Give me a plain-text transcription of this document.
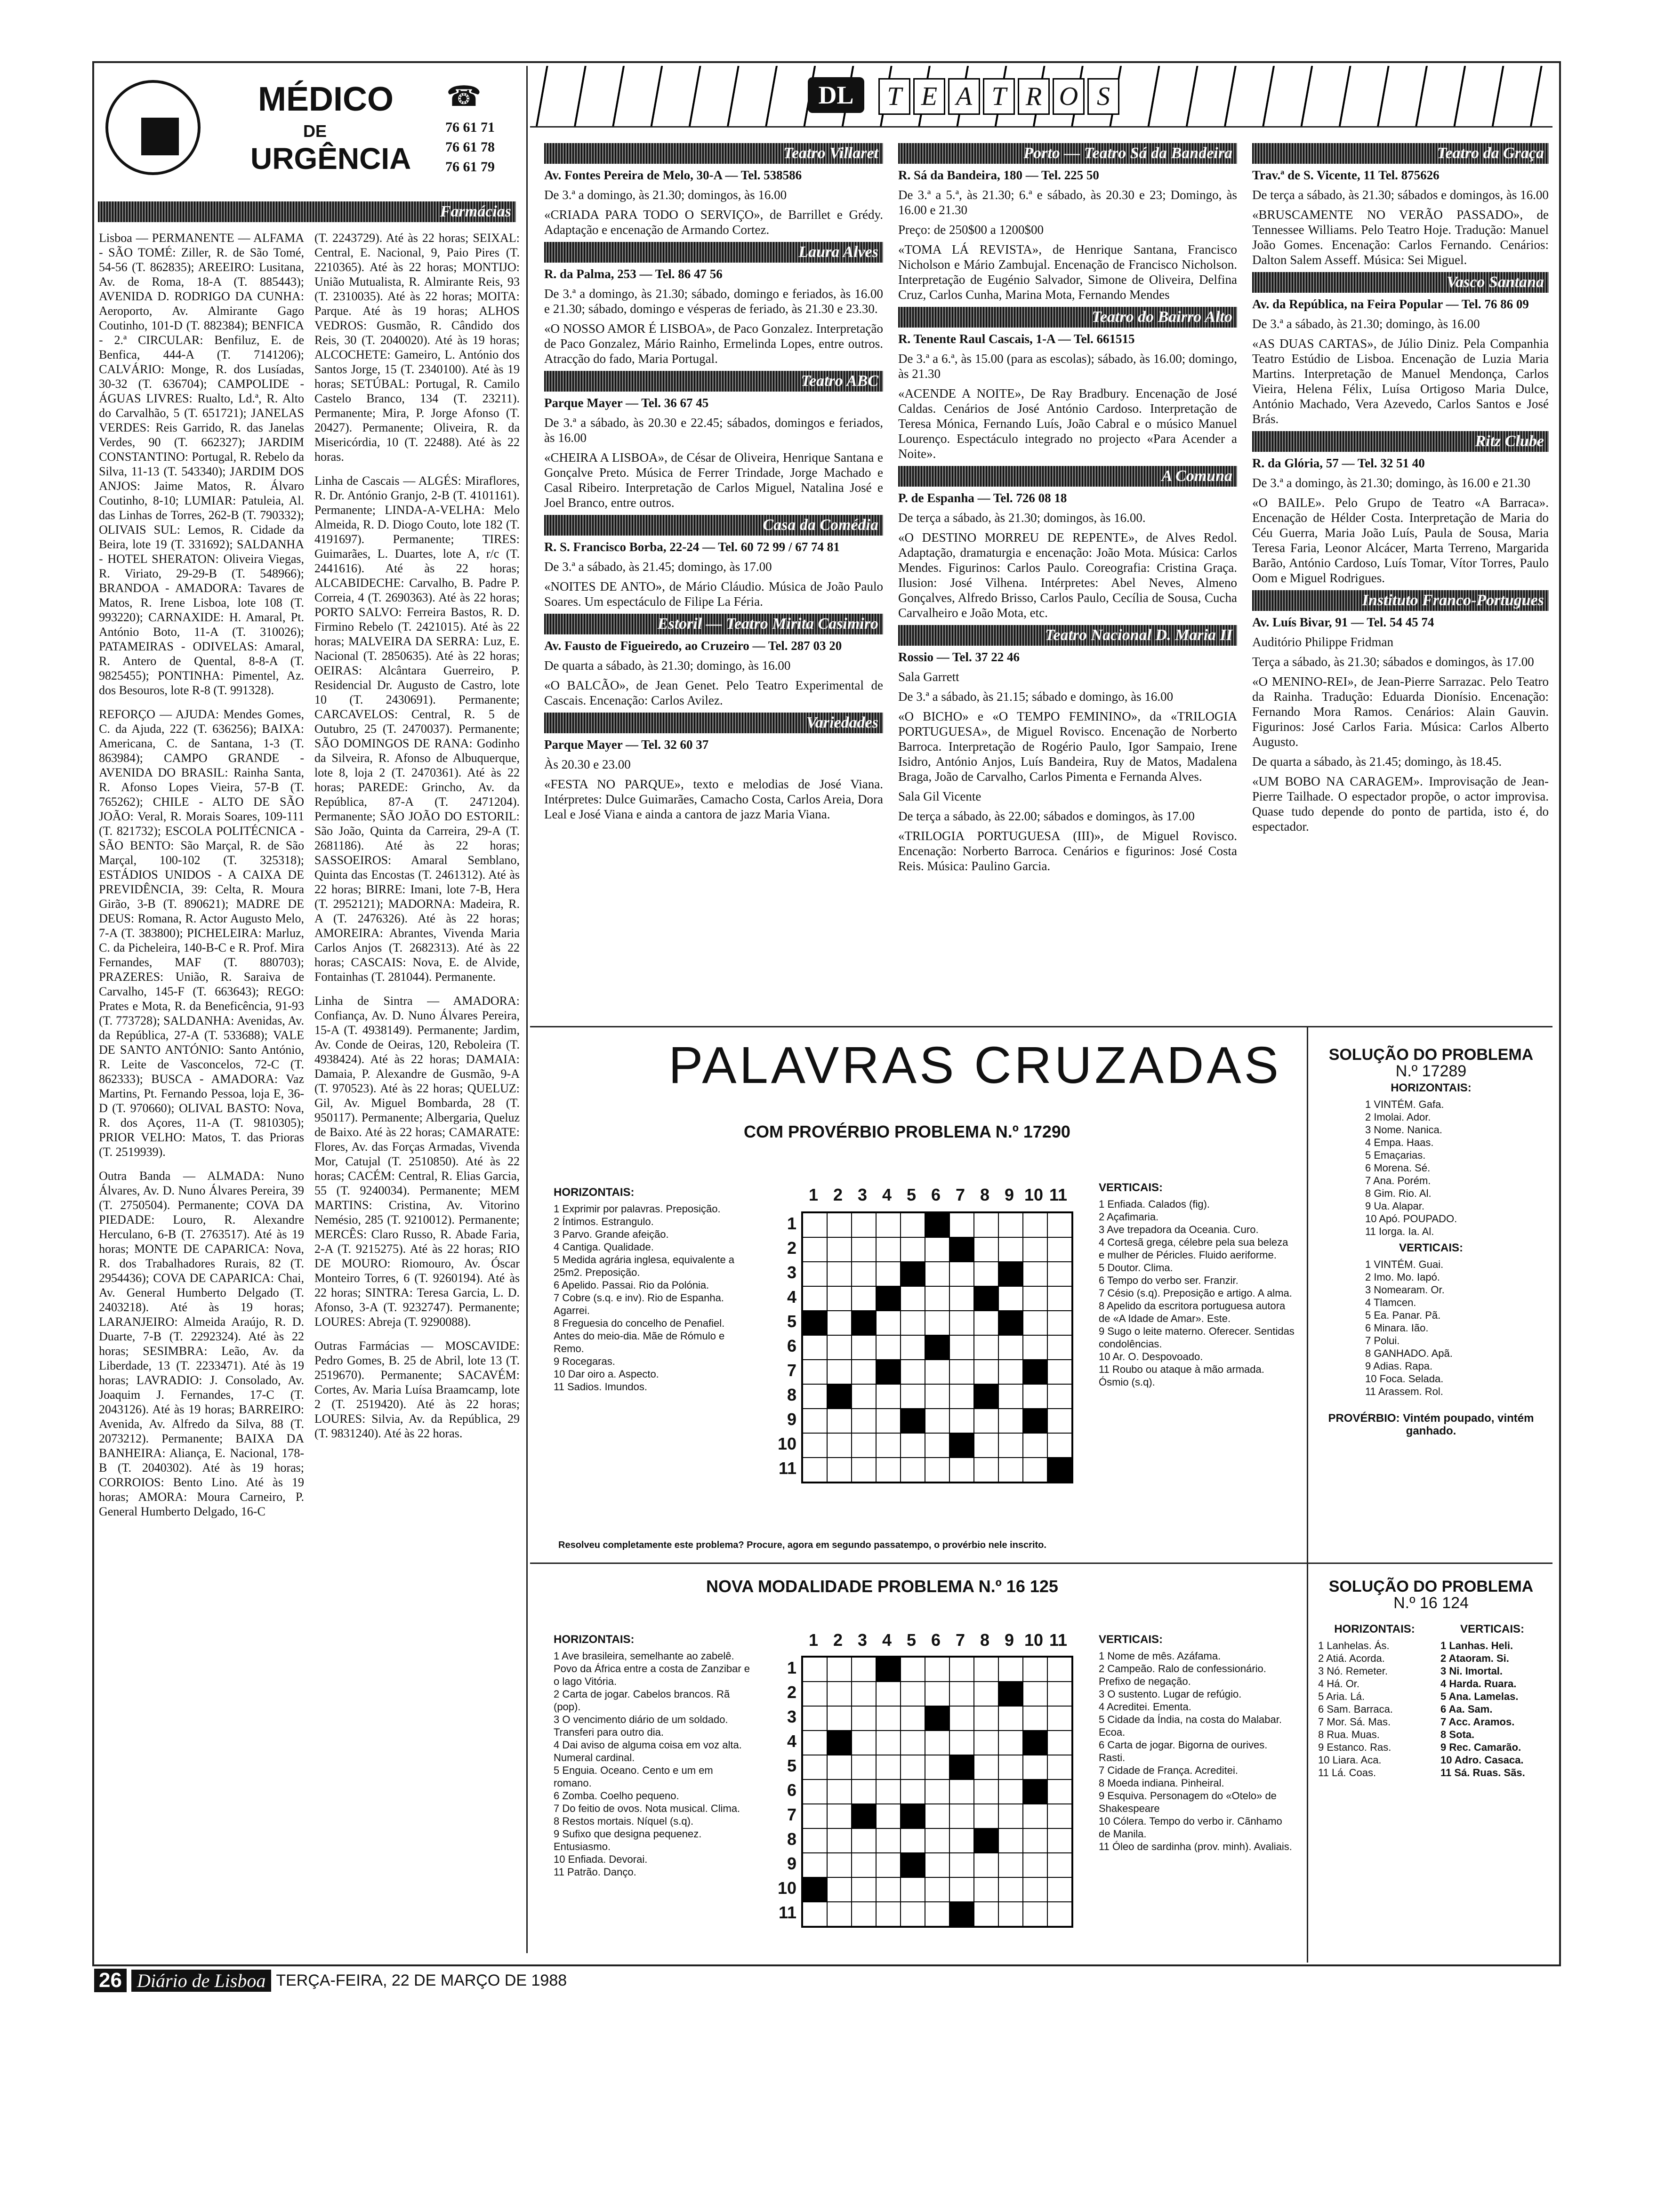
MÉDICO
DE
URGÊNCIA
☎
76 61 71
76 61 78
76 61 79
Farmácias

Lisboa — PERMANENTE — ALFAMA - SÃO TOMÉ: Ziller, R. de São Tomé, 54-56 (T. 862835); AREEIRO: Lusitana, Av. de Roma, 18-A (T. 885443); AVENIDA D. RODRIGO DA CUNHA: Aeroporto, Av. Almirante Gago Coutinho, 101-D (T. 882384); BENFICA - 2.ª CIRCULAR: Benfiluz, E. de Benfica, 444-A (T. 7141206); CALVÁRIO: Monge, R. dos Lusíadas, 30-32 (T. 636704); CAMPOLIDE - ÁGUAS LIVRES: Rualto, Ld.ª, R. Alto do Carvalhão, 5 (T. 651721); JANELAS VERDES: Reis Garrido, R. das Janelas Verdes, 90 (T. 662327); JARDIM CONSTANTINO: Portugal, R. Rebelo da Silva, 11-13 (T. 543340); JARDIM DOS ANJOS: Jaime Matos, R. Álvaro Coutinho, 8-10; LUMIAR: Patuleia, Al. das Linhas de Torres, 262-B (T. 790332); OLIVAIS SUL: Lemos, R. Cidade da Beira, lote 19 (T. 331692); SALDANHA - HOTEL SHERATON: Oliveira Viegas, R. Viriato, 29-29-B (T. 548966); BRANDOA - AMADORA: Tavares de Matos, R. Irene Lisboa, lote 108 (T. 993220); CARNAXIDE: H. Amaral, Pt. António Boto, 11-A (T. 310026); PATAMEIRAS - ODIVELAS: Amaral, R. Antero de Quental, 8-8-A (T. 9825455); PONTINHA: Pimentel, Az. dos Besouros, lote R-8 (T. 991328).

REFORÇO — AJUDA: Mendes Gomes, C. da Ajuda, 222 (T. 636256); BAIXA: Americana, C. de Santana, 1-3 (T. 863984); CAMPO GRANDE - AVENIDA DO BRASIL: Rainha Santa, R. Afonso Lopes Vieira, 57-B (T. 765262); CHILE - ALTO DE SÃO JOÃO: Veral, R. Morais Soares, 109-111 (T. 821732); ESCOLA POLITÉCNICA - SÃO BENTO: São Marçal, R. de São Marçal, 100-102 (T. 325318); ESTÁDIOS UNIDOS - A CAIXA DE PREVIDÊNCIA, 39: Celta, R. Moura Girão, 3-B (T. 890621); MADRE DE DEUS: Romana, R. Actor Augusto Melo, 7-A (T. 383800); PICHELEIRA: Marluz, C. da Picheleira, 140-B-C e R. Prof. Mira Fernandes, MAF (T. 880703); PRAZERES: União, R. Saraiva de Carvalho, 145-F (T. 663643); REGO: Prates e Mota, R. da Beneficência, 91-93 (T. 773728); SALDANHA: Avenidas, Av. da República, 27-A (T. 533688); VALE DE SANTO ANTÓNIO: Santo António, R. Leite de Vasconcelos, 72-C (T. 862333); BUSCA - AMADORA: Vaz Martins, Pt. Fernando Pessoa, loja E, 36-D (T. 970660); OLIVAL BASTO: Nova, R. dos Açores, 11-A (T. 9810305); PRIOR VELHO: Matos, T. das Prioras (T. 2519939).

Outra Banda — ALMADA: Nuno Álvares, Av. D. Nuno Álvares Pereira, 39 (T. 2750504). Permanente; COVA DA PIEDADE: Louro, R. Alexandre Herculano, 6-B (T. 2763517). Até às 19 horas; MONTE DE CAPARICA: Nova, R. dos Trabalhadores Rurais, 82 (T. 2954436); COVA DE CAPARICA: Chai, Av. General Humberto Delgado (T. 2403218). Até às 19 horas; LARANJEIRO: Almeida Araújo, R. D. Duarte, 7-B (T. 2292324). Até às 22 horas; SESIMBRA: Leão, Av. da Liberdade, 13 (T. 2233471). Até às 19 horas; LAVRADIO: J. Consolado, Av. Joaquim J. Fernandes, 17-C (T. 2043126). Até às 19 horas; BARREIRO: Avenida, Av. Alfredo da Silva, 88 (T. 2073212). Permanente; BAIXA DA BANHEIRA: Aliança, E. Nacional, 178-B (T. 2040302). Até às 19 horas; CORROIOS: Bento Lino. Até às 19 horas; AMORA: Moura Carneiro, P. General Humberto Delgado, 16-C

(T. 2243729). Até às 22 horas; SEIXAL: Central, E. Nacional, 9, Paio Pires (T. 2210365). Até às 22 horas; MONTIJO: União Mutualista, R. Almirante Reis, 93 (T. 2310035). Até às 22 horas; MOITA: Parque. Até às 19 horas; ALHOS VEDROS: Gusmão, R. Cândido dos Reis, 30 (T. 2040020). Até às 19 horas; ALCOCHETE: Gameiro, L. António dos Santos Jorge, 15 (T. 2340100). Até às 19 horas; SETÚBAL: Portugal, R. Camilo Castelo Branco, 134 (T. 23211). Permanente; Mira, P. Jorge Afonso (T. 20427). Permanente; Oliveira, R. da Misericórdia, 10 (T. 22488). Até às 22 horas.

Linha de Cascais — ALGÉS: Miraflores, R. Dr. António Granjo, 2-B (T. 4101161). Permanente; LINDA-A-VELHA: Melo Almeida, R. D. Diogo Couto, lote 182 (T. 4191697). Permanente; TIRES: Guimarães, L. Duartes, lote A, r/c (T. 2441616). Até às 22 horas; ALCABIDECHE: Carvalho, B. Padre P. Correia, 4 (T. 2690363). Até às 22 horas; PORTO SALVO: Ferreira Bastos, R. D. Firmino Rebelo (T. 2421015). Até às 22 horas; MALVEIRA DA SERRA: Luz, E. Nacional (T. 2850635). Até às 22 horas; OEIRAS: Alcântara Guerreiro, P. Residencial Dr. Augusto de Castro, lote 10 (T. 2430691). Permanente; CARCAVELOS: Central, R. 5 de Outubro, 25 (T. 2470037). Permanente; SÃO DOMINGOS DE RANA: Godinho da Silveira, R. Afonso de Albuquerque, lote 8, loja 2 (T. 2470361). Até às 22 horas; PAREDE: Grincho, Av. da República, 87-A (T. 2471204). Permanente; SÃO JOÃO DO ESTORIL: São João, Quinta da Carreira, 29-A (T. 2681186). Até às 22 horas; SASSOEIROS: Amaral Semblano, Quinta das Encostas (T. 2461312). Até às 22 horas; BIRRE: Imani, lote 7-B, Hera (T. 2952121); MADORNA: Madeira, R. A (T. 2476326). Até às 22 horas; AMOREIRA: Abrantes, Vivenda Maria Carlos Anjos (T. 2682313). Até às 22 horas; CASCAIS: Nova, E. de Alvide, Fontainhas (T. 281044). Permanente.

Linha de Sintra — AMADORA: Confiança, Av. D. Nuno Álvares Pereira, 15-A (T. 4938149). Permanente; Jardim, Av. Conde de Oeiras, 120, Reboleira (T. 4938424). Até às 22 horas; DAMAIA: Damaia, P. Alexandre de Gusmão, 9-A (T. 970523). Até às 22 horas; QUELUZ: Gil, Av. Miguel Bombarda, 28 (T. 950117). Permanente; Albergaria, Queluz de Baixo. Até às 22 horas; CAMARATE: Flores, Av. das Forças Armadas, Vivenda Mor, Catujal (T. 2510850). Até às 22 horas; CACÉM: Central, R. Elias Garcia, 55 (T. 9240034). Permanente; MEM MARTINS: Cristina, Av. Vitorino Nemésio, 285 (T. 9210012). Permanente; MERCÊS: Claro Russo, R. Abade Faria, 2-A (T. 9215275). Até às 22 horas; RIO DE MOURO: Riomouro, Av. Óscar Monteiro Torres, 6 (T. 9260194). Até às 22 horas; SINTRA: Teresa Garcia, L. D. Afonso, 3-A (T. 9232747). Permanente; LOURES: Abreja (T. 9290088).

Outras Farmácias — MOSCAVIDE: Pedro Gomes, B. 25 de Abril, lote 13 (T. 2519670). Permanente; SACAVÉM: Cortes, Av. Maria Luísa Braamcamp, lote 2 (T. 2519420). Até às 22 horas; LOURES: Silvia, Av. da República, 29 (T. 9831240). Até às 22 horas.

DL	T E A T R O S
Teatro Villaret

Av. Fontes Pereira de Melo, 30-A — Tel. 538586

De 3.ª a domingo, às 21.30; domingos, às 16.00

«CRIADA PARA TODO O SERVIÇO», de Barrillet e Grédy. Adaptação e encenação de Armando Cortez.

Laura Alves

R. da Palma, 253 — Tel. 86 47 56

De 3.ª a domingo, às 21.30; sábado, domingo e feriados, às 16.00 e 21.30; sábado, domingo e vésperas de feriado, às 21.30 e 23.30.

«O NOSSO AMOR É LISBOA», de Paco Gonzalez. Interpretação de Paco Gonzalez, Mário Rainho, Ermelinda Lopes, entre outros. Atracção do fado, Maria Portugal.

Teatro ABC

Parque Mayer — Tel. 36 67 45

De 3.ª a sábado, às 20.30 e 22.45; sábados, domingos e feriados, às 16.00

«CHEIRA A LISBOA», de César de Oliveira, Henrique Santana e Gonçalve Preto. Música de Ferrer Trindade, Jorge Machado e Casal Ribeiro. Interpretação de Carlos Miguel, Natalina José e Joel Branco, entre outros.

Casa da Comédia

R. S. Francisco Borba, 22-24 — Tel. 60 72 99 / 67 74 81

De 3.ª a sábado, às 21.45; domingo, às 17.00

«NOITES DE ANTO», de Mário Cláudio. Música de João Paulo Soares. Um espectáculo de Filipe La Féria.

Estoril — Teatro Mirita Casimiro

Av. Fausto de Figueiredo, ao Cruzeiro — Tel. 287 03 20

De quarta a sábado, às 21.30; domingo, às 16.00

«O BALCÃO», de Jean Genet. Pelo Teatro Experimental de Cascais. Encenação: Carlos Avilez.

Variedades

Parque Mayer — Tel. 32 60 37

Às 20.30 e 23.00

«FESTA NO PARQUE», texto e melodias de José Viana. Intérpretes: Dulce Guimarães, Camacho Costa, Carlos Areia, Dora Leal e José Viana e ainda a cantora de jazz Maria Viana.

Porto — Teatro Sá da Bandeira

R. Sá da Bandeira, 180 — Tel. 225 50

De 3.ª a 5.ª, às 21.30; 6.ª e sábado, às 20.30 e 23; Domingo, às 16.00 e 21.30

Preço: de 250$00 a 1200$00

«TOMA LÁ REVISTA», de Henrique Santana, Francisco Nicholson e Mário Zambujal. Encenação de Francisco Nicholson. Interpretação de Eugénio Salvador, Simone de Oliveira, Delfina Cruz, Carlos Cunha, Marina Mota, Fernando Mendes

Teatro do Bairro Alto

R. Tenente Raul Cascais, 1-A — Tel. 661515

De 3.ª a 6.ª, às 15.00 (para as escolas); sábado, às 16.00; domingo, às 21.30

«ACENDE A NOITE», De Ray Bradbury. Encenação de José Caldas. Cenários de José António Cardoso. Interpretação de Teresa Mónica, Fernando Luís, João Cabral e o músico Manuel Lourenço. Espectáculo integrado no projecto «Para Acender a Noite».

A Comuna

P. de Espanha — Tel. 726 08 18

De terça a sábado, às 21.30; domingos, às 16.00.

«O DESTINO MORREU DE REPENTE», de Alves Redol. Adaptação, dramaturgia e encenação: João Mota. Música: Carlos Mendes. Figurinos: Carlos Paulo. Coreografia: Cristina Graça. Ilusion: José Vilhena. Intérpretes: Abel Neves, Almeno Gonçalves, Alfredo Brisso, Carlos Paulo, Cecília de Sousa, Cucha Carvalheiro e João Mota, etc.

Teatro Nacional D. Maria II

Rossio — Tel. 37 22 46

Sala Garrett

De 3.ª a sábado, às 21.15; sábado e domingo, às 16.00

«O BICHO» e «O TEMPO FEMININO», da «TRILOGIA PORTUGUESA», de Miguel Rovisco. Encenação de Norberto Barroca. Interpretação de Rogério Paulo, Igor Sampaio, Irene Isidro, António Anjos, Luís Bandeira, Ruy de Matos, Madalena Braga, João de Carvalho, Carlos Pimenta e Fernanda Alves.

Sala Gil Vicente

De terça a sábado, às 22.00; sábados e domingos, às 17.00

«TRILOGIA PORTUGUESA (III)», de Miguel Rovisco. Encenação: Norberto Barroca. Cenários e figurinos: José Costa Reis. Música: Paulino Garcia.

Teatro da Graça

Trav.ª de S. Vicente, 11 Tel. 875626

De terça a sábado, às 21.30; sábados e domingos, às 16.00

«BRUSCAMENTE NO VERÃO PASSADO», de Tennessee Williams. Pelo Teatro Hoje. Tradução: Manuel João Gomes. Encenação: Carlos Fernando. Cenários: Dalton Salem Asseff. Música: Sei Miguel.

Vasco Santana

Av. da República, na Feira Popular — Tel. 76 86 09

De 3.ª a sábado, às 21.30; domingo, às 16.00

«AS DUAS CARTAS», de Júlio Diniz. Pela Companhia Teatro Estúdio de Lisboa. Encenação de Luzia Maria Martins. Interpretação de Manuel Mendonça, Carlos Vieira, Helena Félix, Luísa Ortigoso Maria Dulce, António Machado, Vera Azevedo, Carlos Santos e José Brás.

Ritz Clube

R. da Glória, 57 — Tel. 32 51 40

De 3.ª a domingo, às 21.30; domingo, às 16.00 e 21.30

«O BAILE». Pelo Grupo de Teatro «A Barraca». Encenação de Hélder Costa. Interpretação de Maria do Céu Guerra, Maria João Luís, Paula de Sousa, Maria Teresa Faria, Leonor Alcácer, Marta Terreno, Margarida Barão, António Cardoso, Luís Tomar, Vítor Torres, Paulo Oom e Miguel Rodrigues.

Instituto Franco-Portugues

Av. Luís Bivar, 91 — Tel. 54 45 74

Auditório Philippe Fridman

Terça a sábado, às 21.30; sábados e domingos, às 17.00

«O MENINO-REI», de Jean-Pierre Sarrazac. Pelo Teatro da Rainha. Tradução: Eduarda Dionísio. Encenação: Fernando Mora Ramos. Cenários: Alain Gauvin. Figurinos: José Carlos Faria. Música: Carlos Alberto Augusto.

De quarta a sábado, às 21.45; domingo, às 18.45.

«UM BOBO NA CARAGEM». Improvisação de Jean-Pierre Tailhade. O espectador propõe, o actor improvisa. Quase tudo depende do ponto de partida, isto é, do espectador.

PALAVRAS CRUZADAS
COM PROVÉRBIO PROBLEMA N.º 17290
HORIZONTAIS:
1 Exprimir por palavras. Preposição.
2 Íntimos. Estrangulo.
3 Parvo. Grande afeição.
4 Cantiga. Qualidade.
5 Medida agrária inglesa, equivalente a 25m2. Preposição.
6 Apelido. Passai. Rio da Polónia.
7 Cobre (s.q. e inv). Rio de Espanha. Agarrei.
8 Freguesia do concelho de Penafiel. Antes do meio-dia. Mãe de Rómulo e Remo.
9 Rocegaras.
10 Dar oiro a. Aspecto.
11 Sadios. Imundos.
1 2 3 4 5 6 7 8 9 10 11
1
2
3
4
5
6
7
8
9
10
11
VERTICAIS:
1 Enfiada. Calados (fig).
2 Açafimaria.
3 Ave trepadora da Oceania. Curo.
4 Cortesã grega, célebre pela sua beleza e mulher de Péricles. Fluido aeriforme.
5 Doutor. Clima.
6 Tempo do verbo ser. Franzir.
7 Césio (s.q). Preposição e artigo. A alma.
8 Apelido da escritora portuguesa autora de «A Idade de Amar». Este.
9 Sugo o leite materno. Oferecer. Sentidas condolências.
10 Ar. O. Despovoado.
11 Roubo ou ataque à mão armada. Ósmio (s.q).
Resolveu completamente este problema? Procure, agora em segundo passatempo, o provérbio nele inscrito.
SOLUÇÃO DO PROBLEMA
N.º 17289
HORIZONTAIS:
1 VINTÉM. Gafa.
2 Imolai. Ador.
3 Nome. Nanica.
4 Empa. Haas.
5 Emaçarias.
6 Morena. Sé.
7 Ana. Porém.
8 Gim. Rio. Al.
9 Ua. Alapar.
10 Apó. POUPADO.
11 Iorga. Ia. Al.
VERTICAIS:
1 VINTÉM. Guai.
2 Imo. Mo. Iapó.
3 Nomearam. Or.
4 Tlamcen.
5 Ea. Panar. Pã.
6 Minara. Ião.
7 Polui.
8 GANHADO. Apã.
9 Adias. Rapa.
10 Foca. Selada.
11 Arassem. Rol.
PROVÉRBIO: Vintém poupado, vintém ganhado.
NOVA MODALIDADE PROBLEMA N.º 16 125
HORIZONTAIS:
1 Ave brasileira, semelhante ao zabelê. Povo da África entre a costa de Zanzibar e o lago Vitória.
2 Carta de jogar. Cabelos brancos. Rã (pop).
3 O vencimento diário de um soldado. Transferi para outro dia.
4 Dai aviso de alguma coisa em voz alta. Numeral cardinal.
5 Enguia. Oceano. Cento e um em romano.
6 Zomba. Coelho pequeno.
7 Do feitio de ovos. Nota musical. Clima.
8 Restos mortais. Níquel (s.q).
9 Sufixo que designa pequenez. Entusiasmo.
10 Enfiada. Devorai.
11 Patrão. Danço.
1 2 3 4 5 6 7 8 9 10 11
1
2
3
4
5
6
7
8
9
10
11
VERTICAIS:
1 Nome de mês. Azáfama.
2 Campeão. Ralo de confessionário. Prefixo de negação.
3 O sustento. Lugar de refúgio.
4 Acreditei. Ementa.
5 Cidade da Índia, na costa do Malabar. Ecoa.
6 Carta de jogar. Bigorna de ourives. Rasti.
7 Cidade de França. Acreditei.
8 Moeda indiana. Pinheiral.
9 Esquiva. Personagem do «Otelo» de Shakespeare
10 Cólera. Tempo do verbo ir. Cãnhamo de Manila.
11 Óleo de sardinha (prov. minh). Avaliais.
SOLUÇÃO DO PROBLEMA
N.º 16 124
HORIZONTAIS:
1 Lanhelas. Ás.
2 Atiá. Acorda.
3 Nó. Remeter.
4 Há. Or.
5 Aria. Lá.
6 Sam. Barraca.
7 Mor. Sá. Mas.
8 Rua. Muas.
9 Estanco. Ras.
10 Liara. Aca.
11 Lá. Coas.
VERTICAIS:
1 Lanhas. Heli.
2 Ataoram. Si.
3 Ni. Imortal.
4 Harda. Ruara.
5 Ana. Lamelas.
6 Aa. Sam.
7 Acc. Aramos.
8 Sota.
9 Rec. Camarão.
10 Adro. Casaca.
11 Sá. Ruas. Sãs.
26 Diário de Lisboa TERÇA-FEIRA, 22 DE MARÇO DE 1988
